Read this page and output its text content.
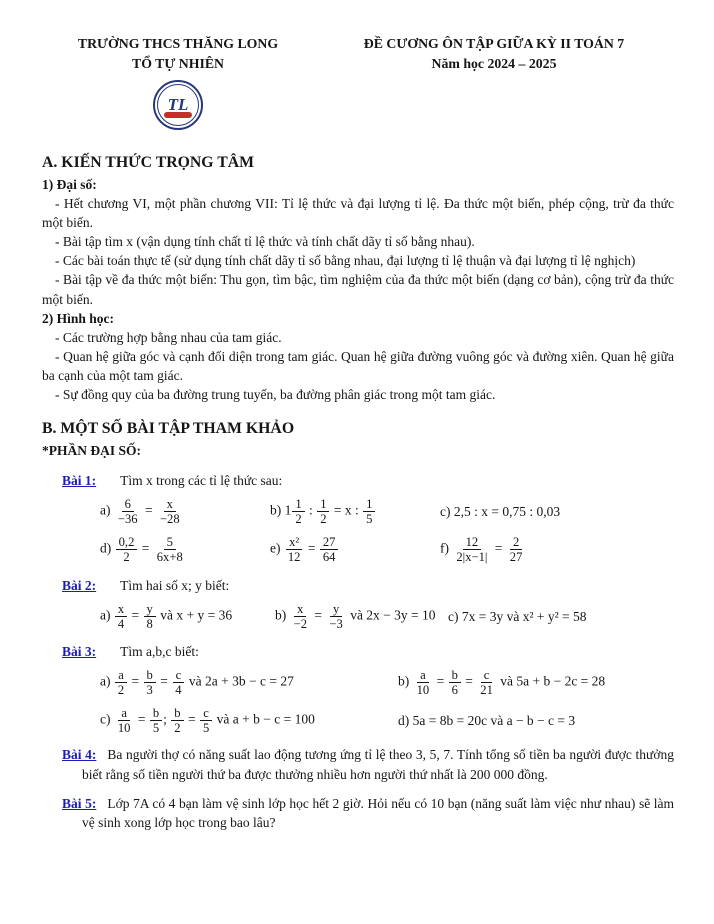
TRƯỜNG THCS THĂNG LONG
TỔ TỰ NHIÊN
TL
ĐỀ CƯƠNG ÔN TẬP GIỮA KỲ II TOÁN 7
Năm học 2024 – 2025
A. KIẾN THỨC TRỌNG TÂM

1) Đại số:

- Hết chương VI, một phần chương VII: Tỉ lệ thức và đại lượng tỉ lệ. Đa thức một biến, phép cộng, trừ đa thức một biến.

- Bài tập tìm x (vận dụng tính chất tỉ lệ thức và tính chất dãy tỉ số bằng nhau).

- Các bài toán thực tế (sử dụng tính chất dãy tỉ số bằng nhau, đại lượng tỉ lệ thuận và đại lượng tỉ lệ nghịch)

- Bài tập về đa thức một biến: Thu gọn, tìm bậc, tìm nghiệm của đa thức một biến (dạng cơ bản), cộng trừ đa thức một biến.

2) Hình học:

- Các trường hợp bằng nhau của tam giác.

- Quan hệ giữa góc và cạnh đối diện trong tam giác. Quan hệ giữa đường vuông góc và đường xiên. Quan hệ giữa ba cạnh của một tam giác.

- Sự đồng quy của ba đường trung tuyến, ba đường phân giác trong một tam giác.

B. MỘT SỐ BÀI TẬP THAM KHẢO

*PHẦN ĐẠI SỐ:

Bài 1: Tìm x trong các tỉ lệ thức sau:
$a) \frac{6}{-36} = \frac{x}{-28}$	b) $1 \frac{1}{2}$ : $\frac{1}{2} = x$ : $\frac{1}{5}$	c) 2,5 : x = 0,75 : 0,03
$d) \frac{0,2}{2} = \frac{5}{6x+8}$	$e) \frac{\text{x²}}{12} = \frac{27}{64}$	$f) \frac{12}{2|x-1|} = \frac{2}{27}$
Bài 2: Tìm hai số x; y biết:
$a) \frac{x}{4} = \frac{y}{8}$ và x + y = 36	$b) \frac{x}{-2} = \frac{y}{-3}$ và 2x − 3y = 10 c) 7x = 3y và x² + y² = 58
Bài 3: Tìm a,b,c biết:
$a) \frac{a}{2} = \frac{b}{3} = \frac{c}{4}$ và 2a + 3b − c = 27	$b) \frac{a}{10} = \frac{b}{6} = \frac{c}{21}$ và 5a + b − 2c = 28
$c) \frac{a}{10} = \frac{b}{5}$ ; $\frac{b}{2} = \frac{c}{5}$ và a + b − c = 100	d) 5a = 8b = 20c và a − b − c = 3
Bài 4: Ba người thợ có năng suất lao động tương ứng tỉ lệ theo 3, 5, 7. Tính tổng số tiền ba người được thưởng biết rằng số tiền người thứ ba được thưởng nhiều hơn người thứ nhất là 200 000 đồng.
Bài 5: Lớp 7A có 4 bạn làm vệ sinh lớp học hết 2 giờ. Hỏi nếu có 10 bạn (năng suất làm việc như nhau) sẽ làm vệ sinh xong lớp học trong bao lâu?
